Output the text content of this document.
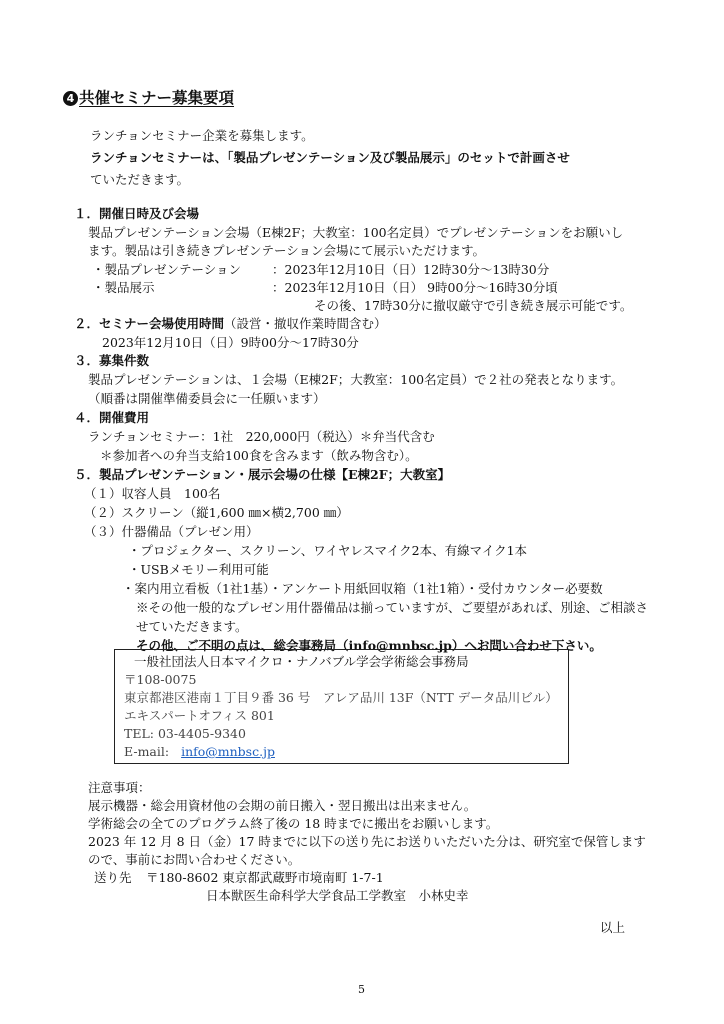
4 共催セミナー募集要項
ランチョンセミナー企業を募集します。
ランチョンセミナーは、「製品プレゼンテーション及び製品展示」のセットで計画させ
ていただきます。
１．開催日時及び会場
製品プレゼンテーション会場（E棟2F；大教室：100名定員）でプレゼンテーションをお願いし
ます。製品は引き続きプレゼンテーション会場にて展示いただけます。
・製品プレゼンテーション ：2023年12月10日（日）12時30分～13時30分
・製品展示	：2023年12月10日（日） 9時00分～16時30分頃
その後、17時30分に撤収厳守で引き続き展示可能です。
２．セミナー会場使用時間（設営・撤収作業時間含む）
2023年12月10日（日）9時00分～17時30分
３．募集件数
製品プレゼンテーションは、１会場（E棟2F；大教室：100名定員）で２社の発表となります。
（順番は開催準備委員会に一任願います）
４．開催費用
ランチョンセミナー：1社　220,000円（税込）＊弁当代含む
＊参加者への弁当支給100食を含みます（飲み物含む）。
５．製品プレゼンテーション・展示会場の仕様【E棟2F；大教室】
（１）収容人員　100名
（２）スクリーン（縦1,600 ㎜×横2,700 ㎜）
（３）什器備品（プレゼン用）
・プロジェクター、スクリーン、ワイヤレスマイク2本、有線マイク1本
・USBメモリー利用可能
・案内用立看板（1社1基）・アンケート用紙回収箱（1社1箱）・受付カウンター必要数
※その他一般的なプレゼン用什器備品は揃っていますが、ご要望があれば、別途、ご相談さ
せていただきます。
その他、ご不明の点は、総会事務局（info@mnbsc.jp）へお問い合わせ下さい。
一般社団法人日本マイクロ・ナノバブル学会学術総会事務局
〒108-0075
東京都港区港南１丁目９番 36 号　アレア品川 13F（NTT データ品川ビル）
エキスパートオフィス 801
TEL: 03-4405-9340
E-mail: info@mnbsc.jp
注意事項：
展示機器・総会用資材他の会期の前日搬入・翌日搬出は出来ません。
学術総会の全てのプログラム終了後の 18 時までに搬出をお願いします。
2023 年 12 月 8 日（金）17 時までに以下の送り先にお送りいただいた分は、研究室で保管します
ので、事前にお問い合わせください。
送り先 〒180-8602 東京都武蔵野市境南町 1-7-1
日本獣医生命科学大学食品工学教室　小林史幸
以上
5
